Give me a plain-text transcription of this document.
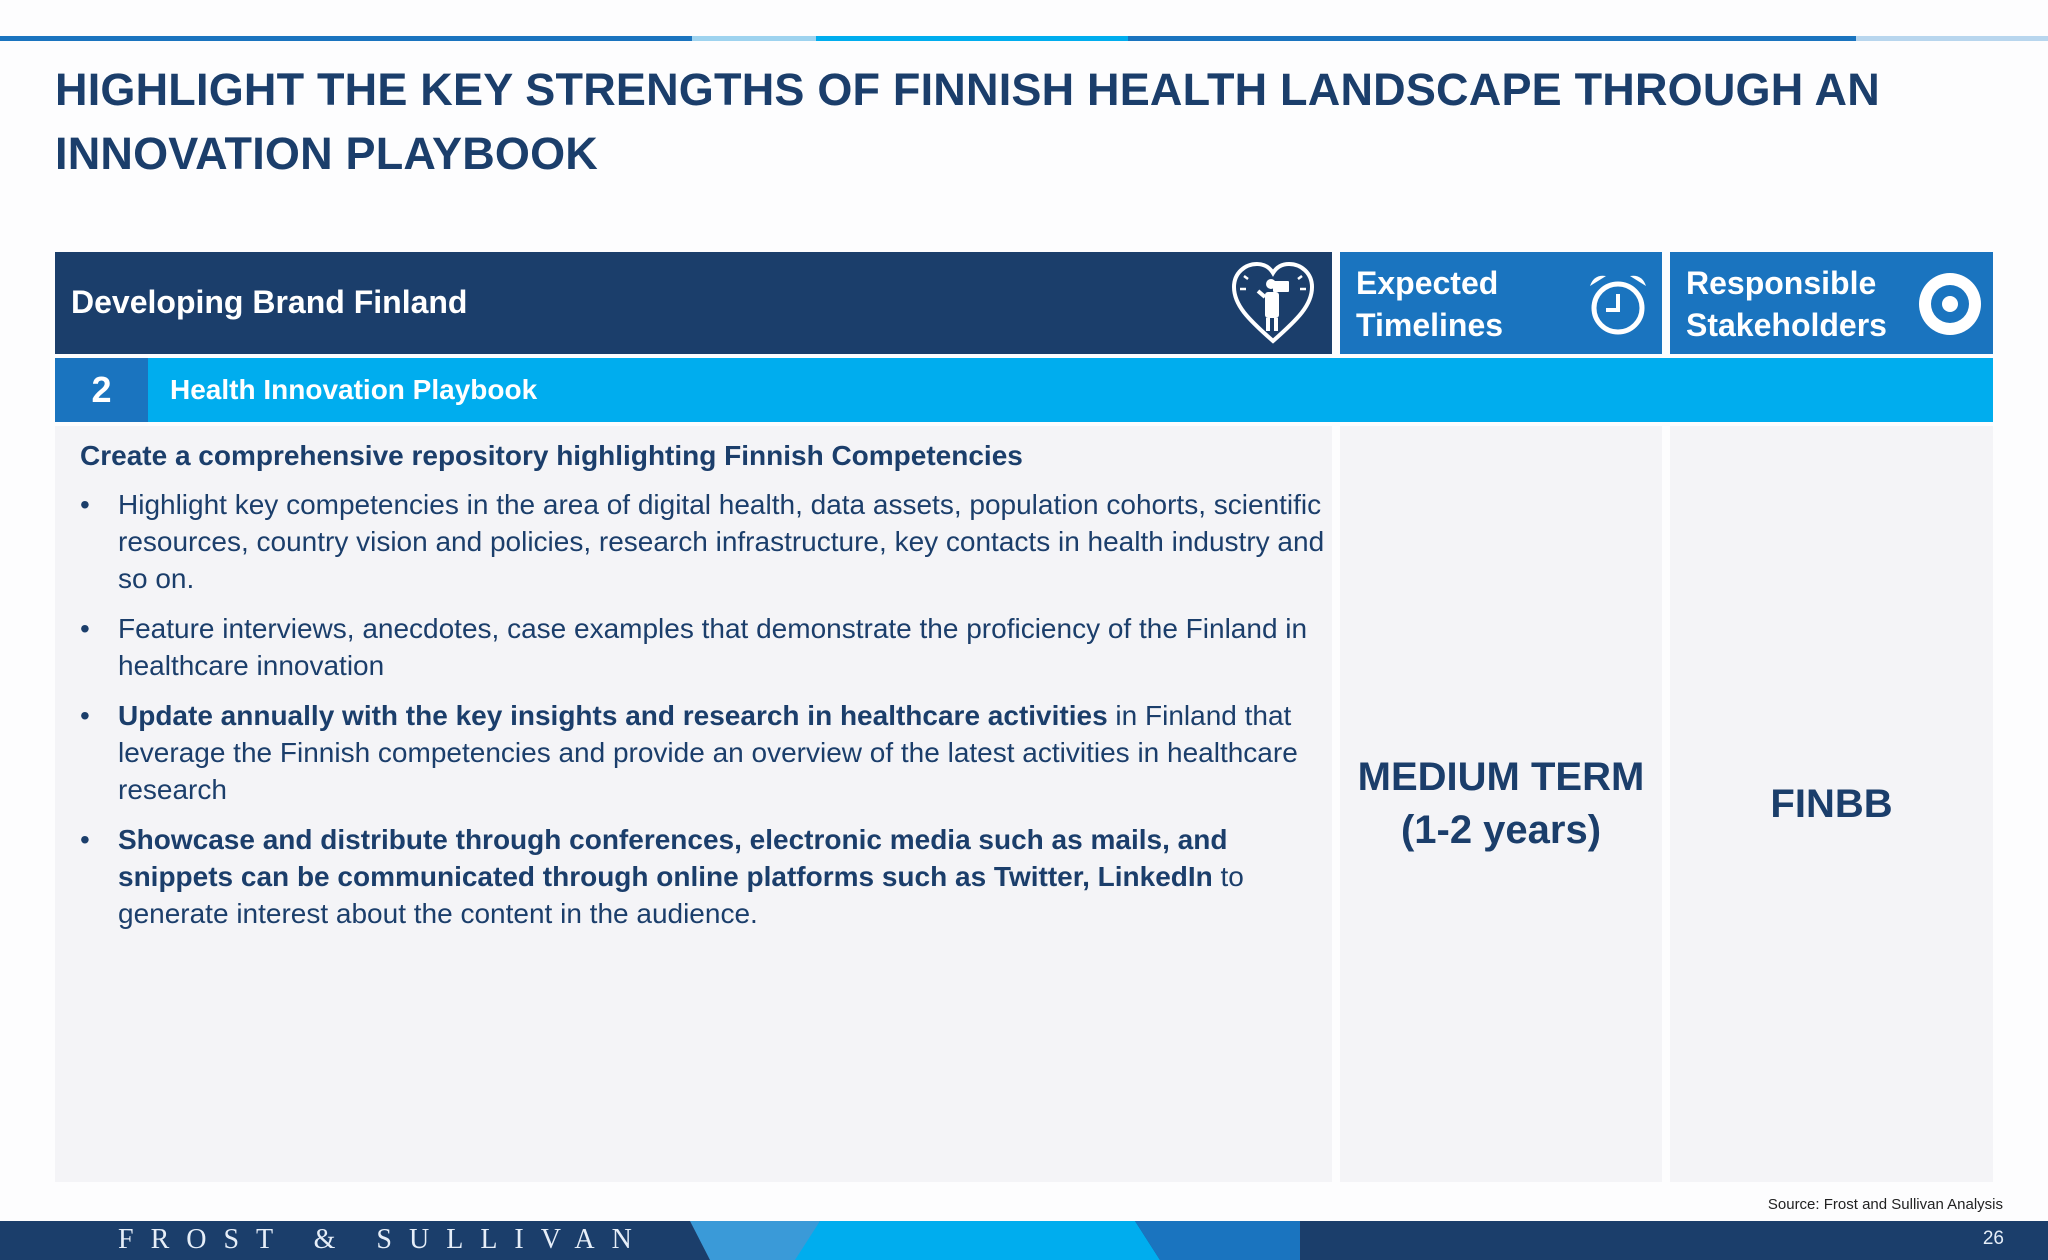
HIGHLIGHT THE KEY STRENGTHS OF FINNISH HEALTH LANDSCAPE THROUGH AN INNOVATION PLAYBOOK
Developing Brand Finland
Expected
Timelines
Responsible
Stakeholders
2	Health Innovation Playbook

Create a comprehensive repository highlighting Finnish Competencies

• Highlight key competencies in the area of digital health, data assets, population cohorts, scientific resources, country vision and policies, research infrastructure, key contacts in health industry and so on.
• Feature interviews, anecdotes, case examples that demonstrate the proficiency of the Finland in healthcare innovation
• Update annually with the key insights and research in healthcare activities in Finland that leverage the Finnish competencies and provide an overview of the latest activities in healthcare research
• Showcase and distribute through conferences, electronic media such as mails, and snippets can be communicated through online platforms such as Twitter, LinkedIn to generate interest about the content in the audience.
MEDIUM TERM
(1-2 years)
FINBB
Source: Frost and Sullivan Analysis
FROST & SULLIVAN	26
